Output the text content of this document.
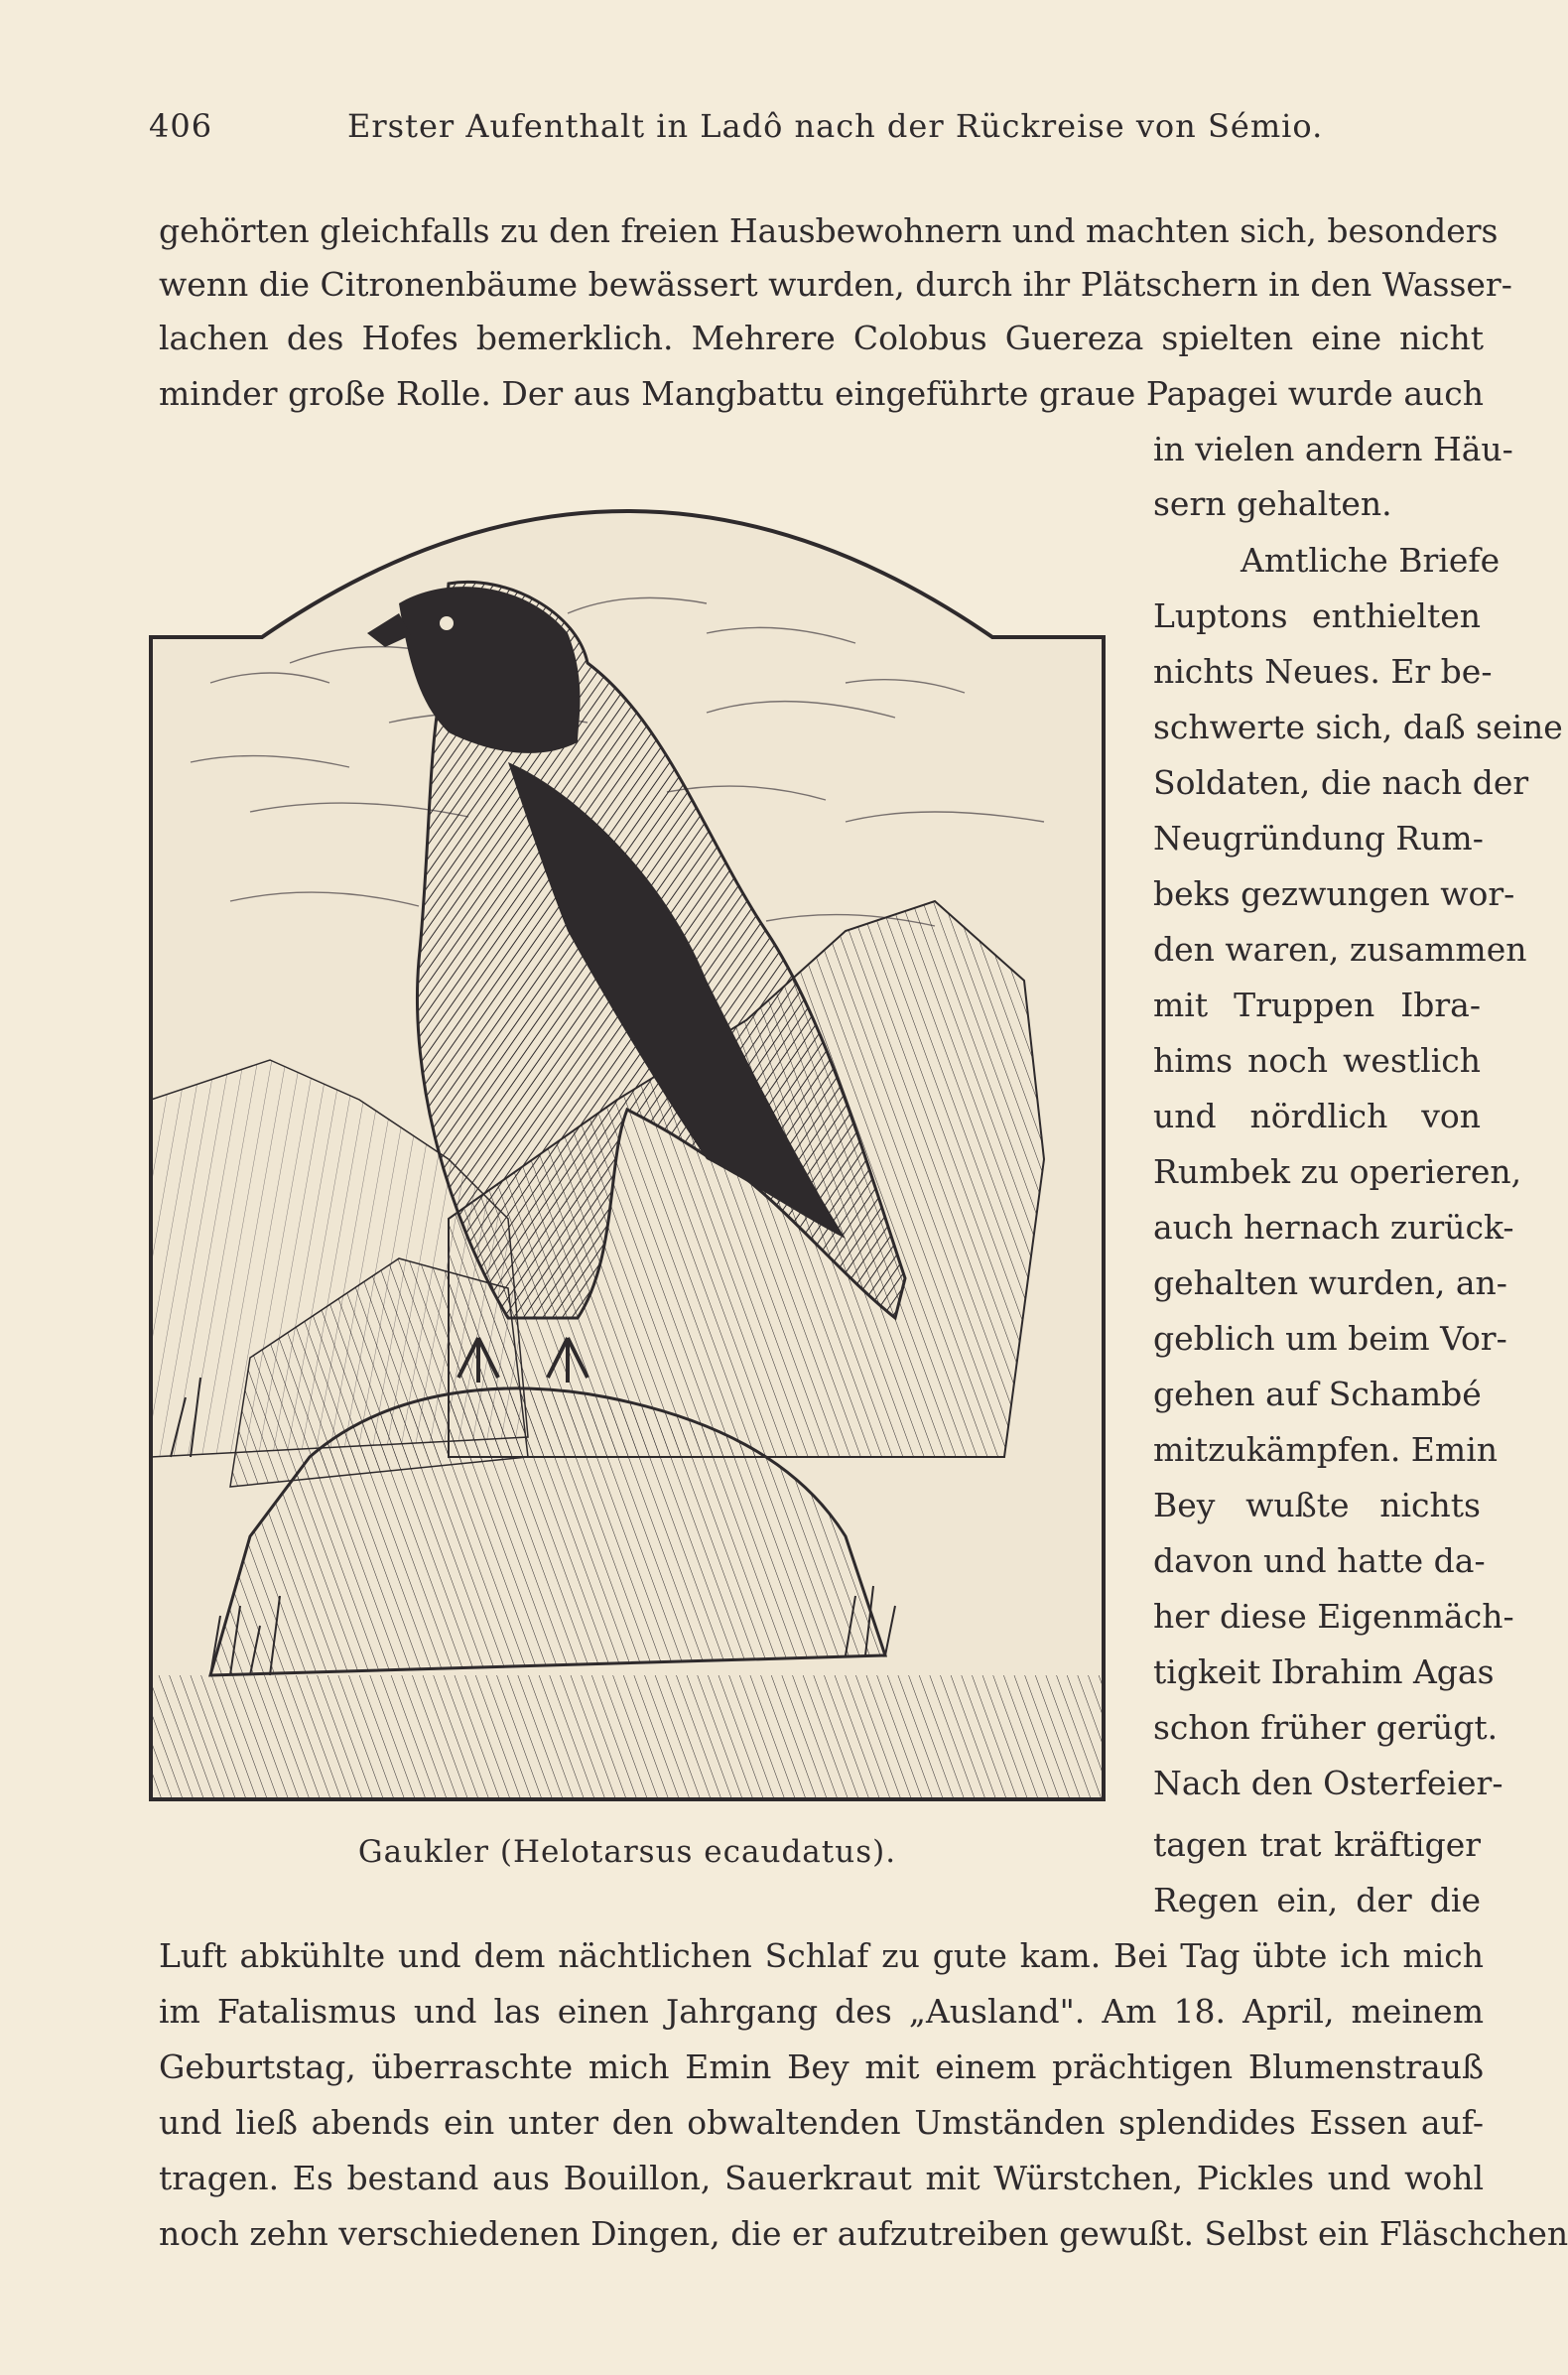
406	Erster Aufenthalt in Ladô nach der Rückreise von Sémio.
gehörten gleichfalls zu den freien Hausbewohnern und machten sich, besonders
wenn die Citronenbäume bewässert wurden, durch ihr Plätschern in den Wasser-
lachen des Hofes bemerklich. Mehrere Colobus Guereza spielten eine nicht
minder große Rolle. Der aus Mangbattu eingeführte graue Papagei wurde auch
in vielen andern Häu-
sern gehalten.
Amtliche Briefe
Luptons enthielten
nichts Neues. Er be-
schwerte sich, daß seine
Soldaten, die nach der
Neugründung Rum-
beks gezwungen wor-
den waren, zusammen
mit Truppen Ibra-
hims noch westlich
und nördlich von
Rumbek zu operieren,
auch hernach zurück-
gehalten wurden, an-
geblich um beim Vor-
gehen auf Schambé
mitzukämpfen. Emin
Bey wußte nichts
davon und hatte da-
her diese Eigenmäch-
tigkeit Ibrahim Agas
schon früher gerügt.
Nach den Osterfeier-
tagen trat kräftiger
Regen ein, der die
Gaukler (Helotarsus ecaudatus).
Luft abkühlte und dem nächtlichen Schlaf zu gute kam. Bei Tag übte ich mich
im Fatalismus und las einen Jahrgang des „Ausland". Am 18. April, meinem
Geburtstag, überraschte mich Emin Bey mit einem prächtigen Blumenstrauß
und ließ abends ein unter den obwaltenden Umständen splendides Essen auf-
tragen. Es bestand aus Bouillon, Sauerkraut mit Würstchen, Pickles und wohl
noch zehn verschiedenen Dingen, die er aufzutreiben gewußt. Selbst ein Fläschchen
